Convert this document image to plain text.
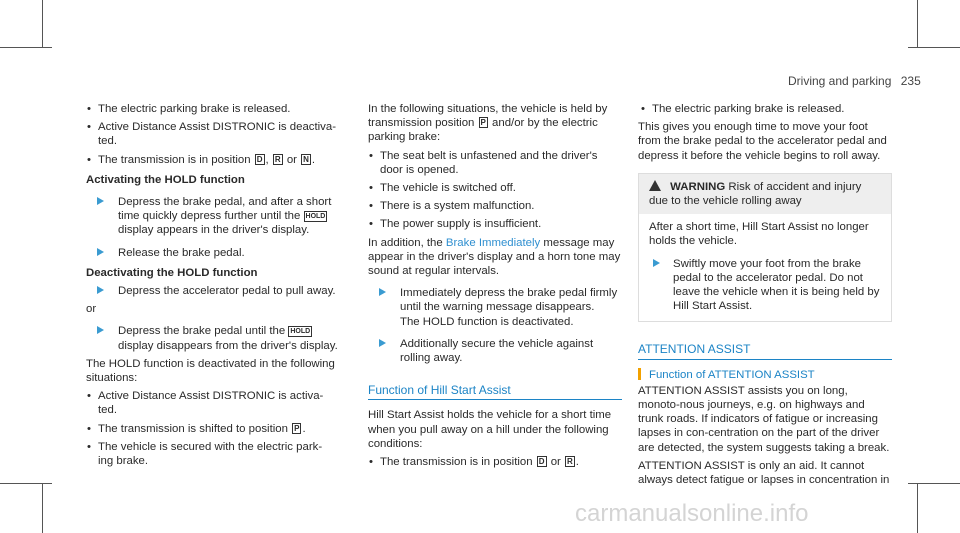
Driving and parking 235
• The electric parking brake is released.
• Active Distance Assist DISTRONIC is deactiva-
ted.
• The transmission is in position D , R or N .
Activating the HOLD function
Depress the brake pedal, and after a short time quickly depress further until the HOLD display appears in the driver's display.
Release the brake pedal.
Deactivating the HOLD function
Depress the accelerator pedal to pull away.

or

Depress the brake pedal until the HOLD display disappears from the driver's display.

The HOLD function is deactivated in the following situations:

• Active Distance Assist DISTRONIC is activa-
ted.
• The transmission is shifted to position P .
• The vehicle is secured with the electric park-
ing brake.

In the following situations, the vehicle is held by transmission position P and/or by the electric parking brake:

• The seat belt is unfastened and the driver's door is opened.
• The vehicle is switched off.
• There is a system malfunction.
• The power supply is insufficient.

In addition, the Brake Immediately message may appear in the driver's display and a horn tone may sound at regular intervals.

Immediately depress the brake pedal firmly until the warning message disappears.
The HOLD function is deactivated.
Additionally secure the vehicle against rolling away.
Function of Hill Start Assist

Hill Start Assist holds the vehicle for a short time when you pull away on a hill under the following conditions:

• The transmission is in position D or R .
• The electric parking brake is released.

This gives you enough time to move your foot from the brake pedal to the accelerator pedal and depress it before the vehicle begins to roll away.

WARNING Risk of accident and injury due to the vehicle rolling away

After a short time, Hill Start Assist no longer holds the vehicle.

Swiftly move your foot from the brake pedal to the accelerator pedal. Do not leave the vehicle when it is being held by Hill Start Assist.
ATTENTION ASSIST
Function of ATTENTION ASSIST

ATTENTION ASSIST assists you on long, monoto-nous journeys, e.g. on highways and trunk roads. If indicators of fatigue or increasing lapses in con-centration on the part of the driver are detected, the system suggests taking a break.

ATTENTION ASSIST is only an aid. It cannot always detect fatigue or lapses in concentration in

carmanualsonline.info
